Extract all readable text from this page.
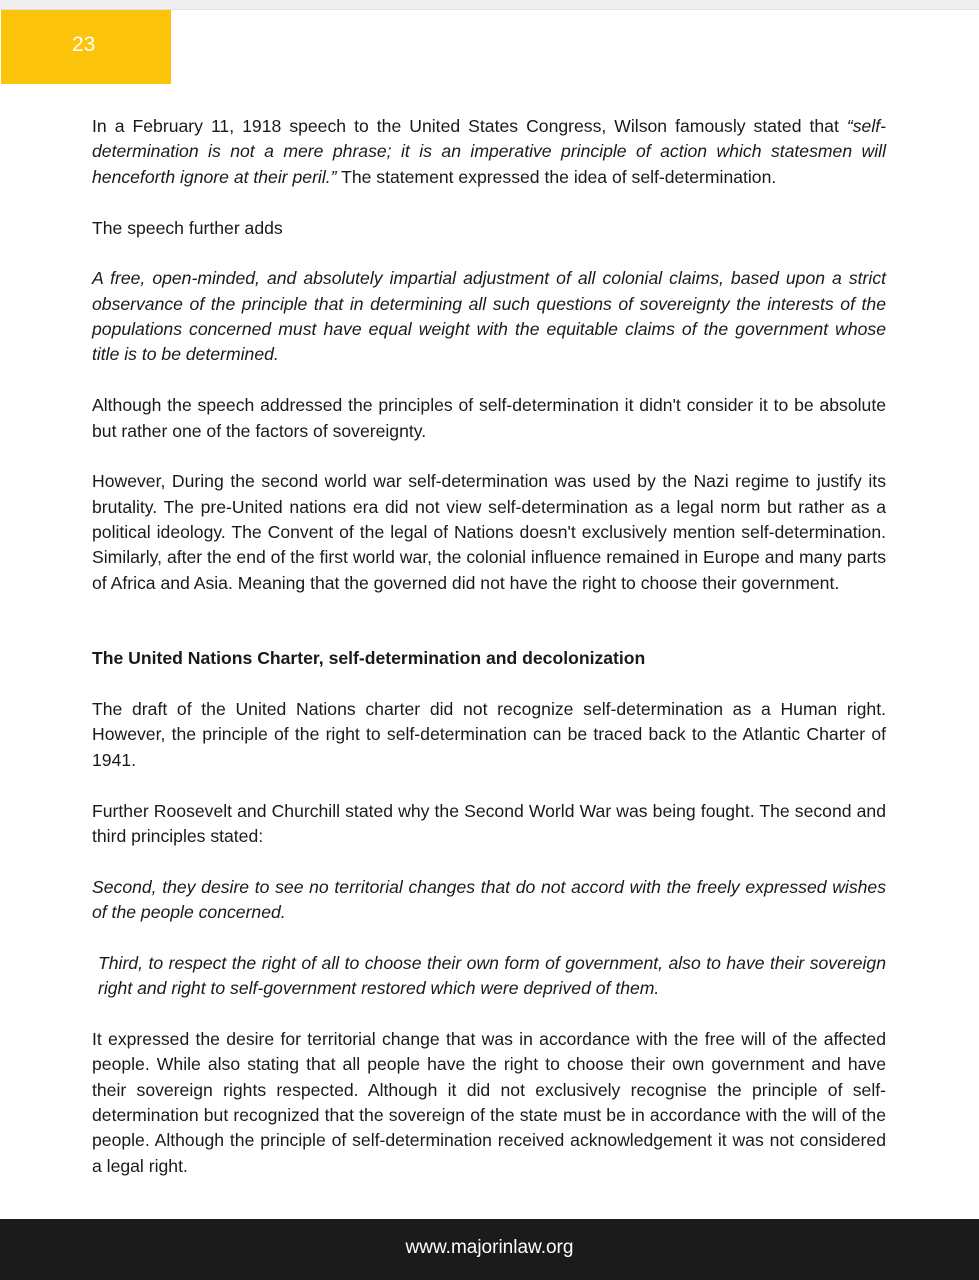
23

In a February 11, 1918 speech to the United States Congress, Wilson famously stated that “self-determination is not a mere phrase; it is an imperative principle of action which statesmen will henceforth ignore at their peril.” The statement expressed the idea of self-determination.

The speech further adds

A free, open-minded, and absolutely impartial adjustment of all colonial claims, based upon a strict observance of the principle that in determining all such questions of sovereignty the interests of the populations concerned must have equal weight with the equitable claims of the government whose title is to be determined.

Although the speech addressed the principles of self-determination it didn't consider it to be absolute but rather one of the factors of sovereignty.

However, During the second world war self-determination was used by the Nazi regime to justify its brutality. The pre-United nations era did not view self-determination as a legal norm but rather as a political ideology. The Convent of the legal of Nations doesn't exclusively mention self-determination. Similarly, after the end of the first world war, the colonial influence remained in Europe and many parts of Africa and Asia. Meaning that the governed did not have the right to choose their government.

The United Nations Charter, self-determination and decolonization

The draft of the United Nations charter did not recognize self-determination as a Human right. However, the principle of the right to self-determination can be traced back to the Atlantic Charter of 1941.

Further Roosevelt and Churchill stated why the Second World War was being fought. The second and third principles stated:

Second, they desire to see no territorial changes that do not accord with the freely expressed wishes of the people concerned.

Third, to respect the right of all to choose their own form of government, also to have their sovereign right and right to self-government restored which were deprived of them.

It expressed the desire for territorial change that was in accordance with the free will of the affected people. While also stating that all people have the right to choose their own government and have their sovereign rights respected. Although it did not exclusively recognise the principle of self-determination but recognized that the sovereign of the state must be in accordance with the will of the people. Although the principle of self-determination received acknowledgement it was not considered a legal right.

www.majorinlaw.org
